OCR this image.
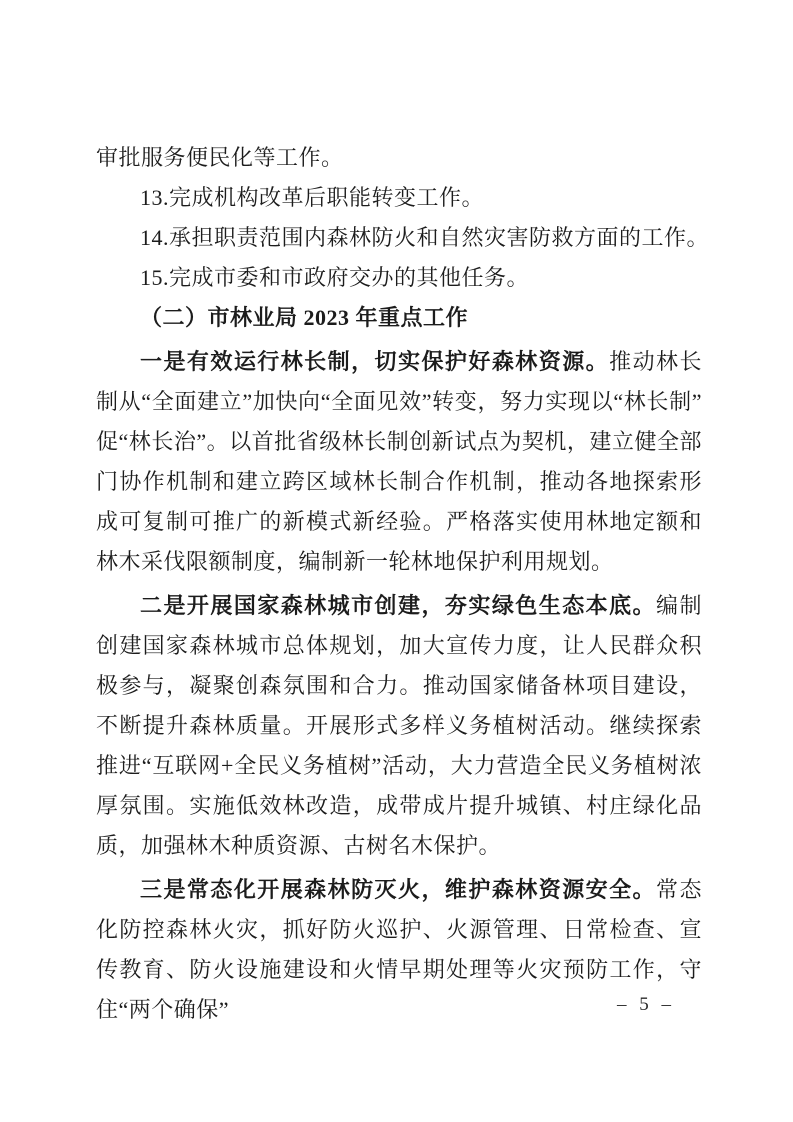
审批服务便民化等工作。
13.完成机构改革后职能转变工作。
14.承担职责范围内森林防火和自然灾害防救方面的工作。
15.完成市委和市政府交办的其他任务。
（二）市林业局 2023 年重点工作

一是有效运行林长制，切实保护好森林资源。推动林长制从“全面建立”加快向“全面见效”转变，努力实现以“林长制”促“林长治”。以首批省级林长制创新试点为契机，建立健全部门协作机制和建立跨区域林长制合作机制，推动各地探索形成可复制可推广的新模式新经验。严格落实使用林地定额和林木采伐限额制度，编制新一轮林地保护利用规划。

二是开展国家森林城市创建，夯实绿色生态本底。编制创建国家森林城市总体规划，加大宣传力度，让人民群众积极参与，凝聚创森氛围和合力。推动国家储备林项目建设，不断提升森林质量。开展形式多样义务植树活动。继续探索推进“互联网+全民义务植树”活动，大力营造全民义务植树浓厚氛围。实施低效林改造，成带成片提升城镇、村庄绿化品质，加强林木种质资源、古树名木保护。

三是常态化开展森林防灭火，维护森林资源安全。常态化防控森林火灾，抓好防火巡护、火源管理、日常检查、宣传教育、防火设施建设和火情早期处理等火灾预防工作，守住“两个确保”	– 5 –
